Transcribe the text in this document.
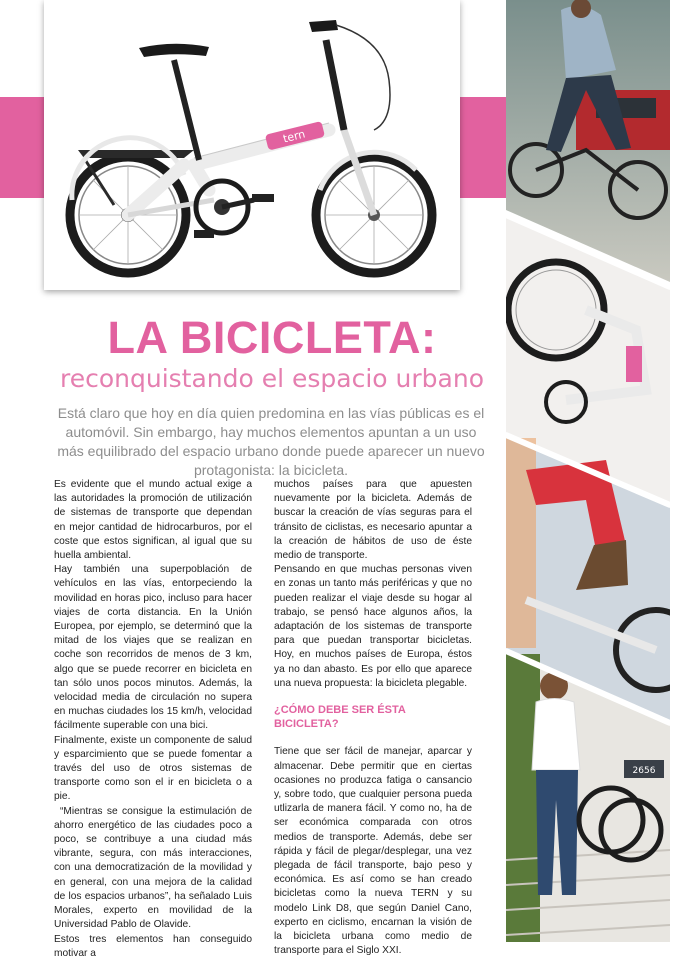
tern
2656
LA BICICLETA:
reconquistando el espacio urbano

Está claro que hoy en día quien predomina en las vías públicas es el automóvil. Sin embargo, hay muchos elementos apuntan a un uso más equilibrado del espacio urbano donde puede aparecer un nuevo protagonista: la bicicleta.

Es evidente que el mundo actual exige a las autoridades la promoción de utilización de sistemas de transporte que dependan en mejor cantidad de hidrocarburos, por el coste que estos significan, al igual que su huella ambiental.

Hay también una superpoblación de vehículos en las vías, entorpeciendo la movilidad en horas pico, incluso para hacer viajes de corta distancia. En la Unión Europea, por ejemplo, se determinó que la mitad de los viajes que se realizan en coche son recorridos de menos de 3 km, algo que se puede recorrer en bicicleta en tan sólo unos pocos minutos. Además, la velocidad media de circulación no supera en muchas ciudades los 15 km/h, velocidad fácilmente superable con una bici.

Finalmente, existe un componente de salud y esparcimiento que se puede fomentar a través del uso de otros sistemas de transporte como son el ir en bicicleta o a pie.

“Mientras se consigue la estimulación de ahorro energético de las ciudades poco a poco, se contribuye a una ciudad más vibrante, segura, con más interacciones, con una democratización de la movilidad y en general, con una mejora de la calidad de los espacios urbanos”, ha señalado Luis Morales, experto en movilidad de la Universidad Pablo de Olavide.

Estos tres elementos han conseguido motivar a

muchos países para que apuesten nuevamente por la bicicleta. Además de buscar la creación de vías seguras para el tránsito de ciclistas, es necesario apuntar a la creación de hábitos de uso de éste medio de transporte.

Pensando en que muchas personas viven en zonas un tanto más periféricas y que no pueden realizar el viaje desde su hogar al trabajo, se pensó hace algunos años, la adaptación de los sistemas de transporte para que puedan transportar bicicletas. Hoy, en muchos países de Europa, éstos ya no dan abasto. Es por ello que aparece una nueva propuesta: la bicicleta plegable.

¿CÓMO DEBE SER ÉSTA BICICLETA?

Tiene que ser fácil de manejar, aparcar y almacenar. Debe permitir que en ciertas ocasiones no produzca fatiga o cansancio y, sobre todo, que cualquier persona pueda utlizarla de manera fácil. Y como no, ha de ser económica comparada con otros medios de transporte. Además, debe ser rápida y fácil de plegar/desplegar, una vez plegada de fácil transporte, bajo peso y económica. Es así como se han creado bicicletas como la nueva TERN y su modelo Link D8, que según Daniel Cano, experto en ciclismo, encarnan la visión de la bicicleta urbana como medio de transporte para el Siglo XXI.
